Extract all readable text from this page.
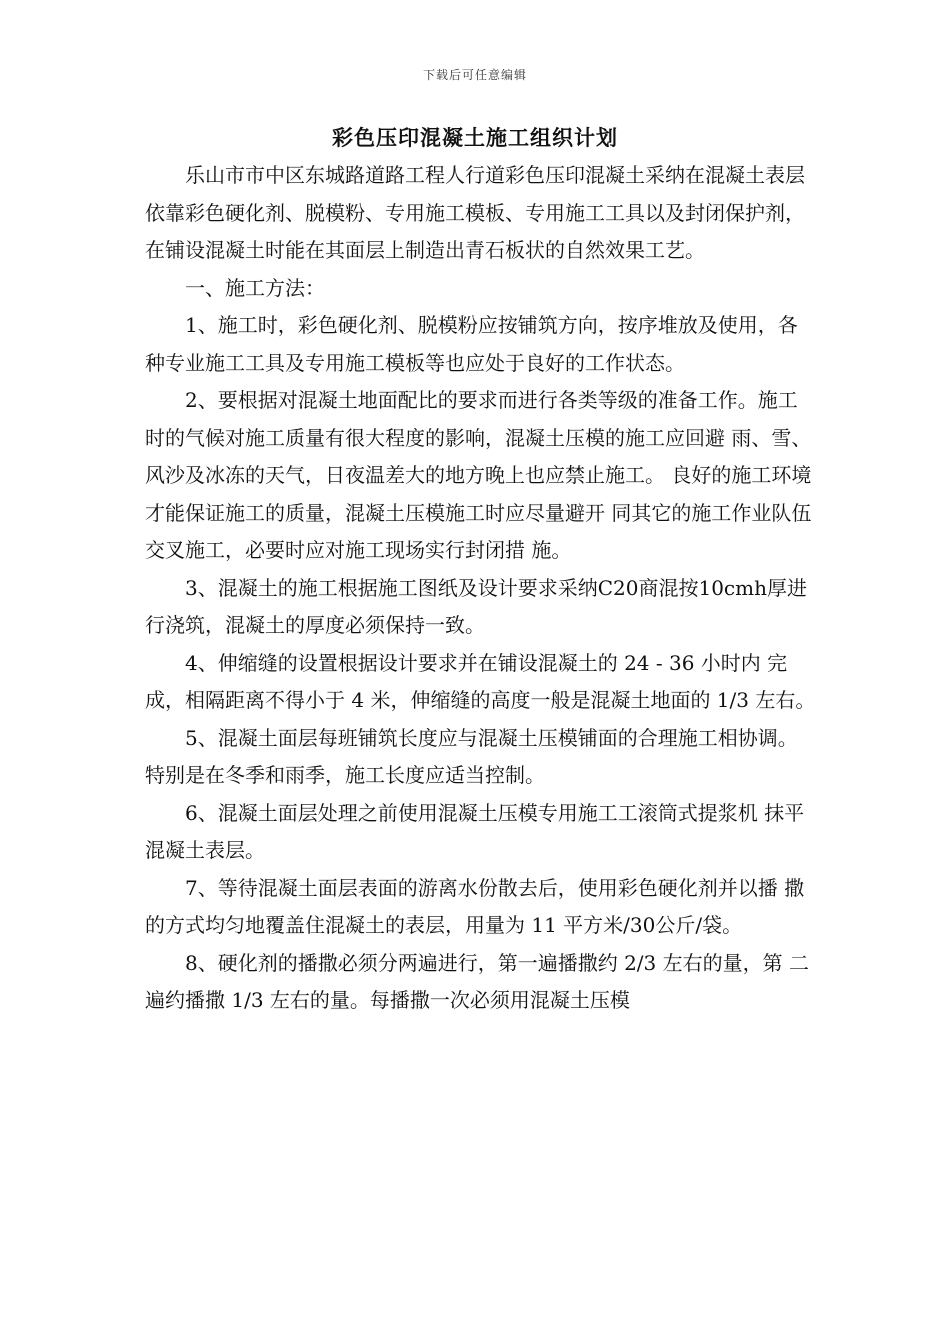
下载后可任意编辑
彩色压印混凝土施工组织计划

乐山市市中区东城路道路工程人行道彩色压印混凝土采纳在混凝土表层依靠彩色硬化剂、脱模粉、专用施工模板、专用施工工具以及封闭保护剂，在铺设混凝土时能在其面层上制造出青石板状的自然效果工艺。

一、施工方法：

1、施工时，彩色硬化剂、脱模粉应按铺筑方向，按序堆放及使用，各 种专业施工工具及专用施工模板等也应处于良好的工作状态。

2、要根据对混凝土地面配比的要求而进行各类等级的准备工作。施工 时的气候对施工质量有很大程度的影响，混凝土压模的施工应回避 雨、雪、风沙及冰冻的天气，日夜温差大的地方晚上也应禁止施工。 良好的施工环境才能保证施工的质量，混凝土压模施工时应尽量避开 同其它的施工作业队伍交叉施工，必要时应对施工现场实行封闭措 施。

3、混凝土的施工根据施工图纸及设计要求采纳C20商混按10cmh厚进行浇筑，混凝土的厚度必须保持一致。

4、伸缩缝的设置根据设计要求并在铺设混凝土的 24 - 36 小时内 完成，相隔距离不得小于 4 米，伸缩缝的高度一般是混凝土地面的 1/3 左右。

5、混凝土面层每班铺筑长度应与混凝土压模铺面的合理施工相协调。 特别是在冬季和雨季，施工长度应适当控制。

6、混凝土面层处理之前使用混凝土压模专用施工工滚筒式提浆机 抹平混凝土表层。

7、等待混凝土面层表面的游离水份散去后，使用彩色硬化剂并以播 撒的方式均匀地覆盖住混凝土的表层，用量为 11 平方米/30公斤/袋。

8、硬化剂的播撒必须分两遍进行，第一遍播撒约 2/3 左右的量，第 二遍约播撒 1/3 左右的量。每播撒一次必须用混凝土压模
